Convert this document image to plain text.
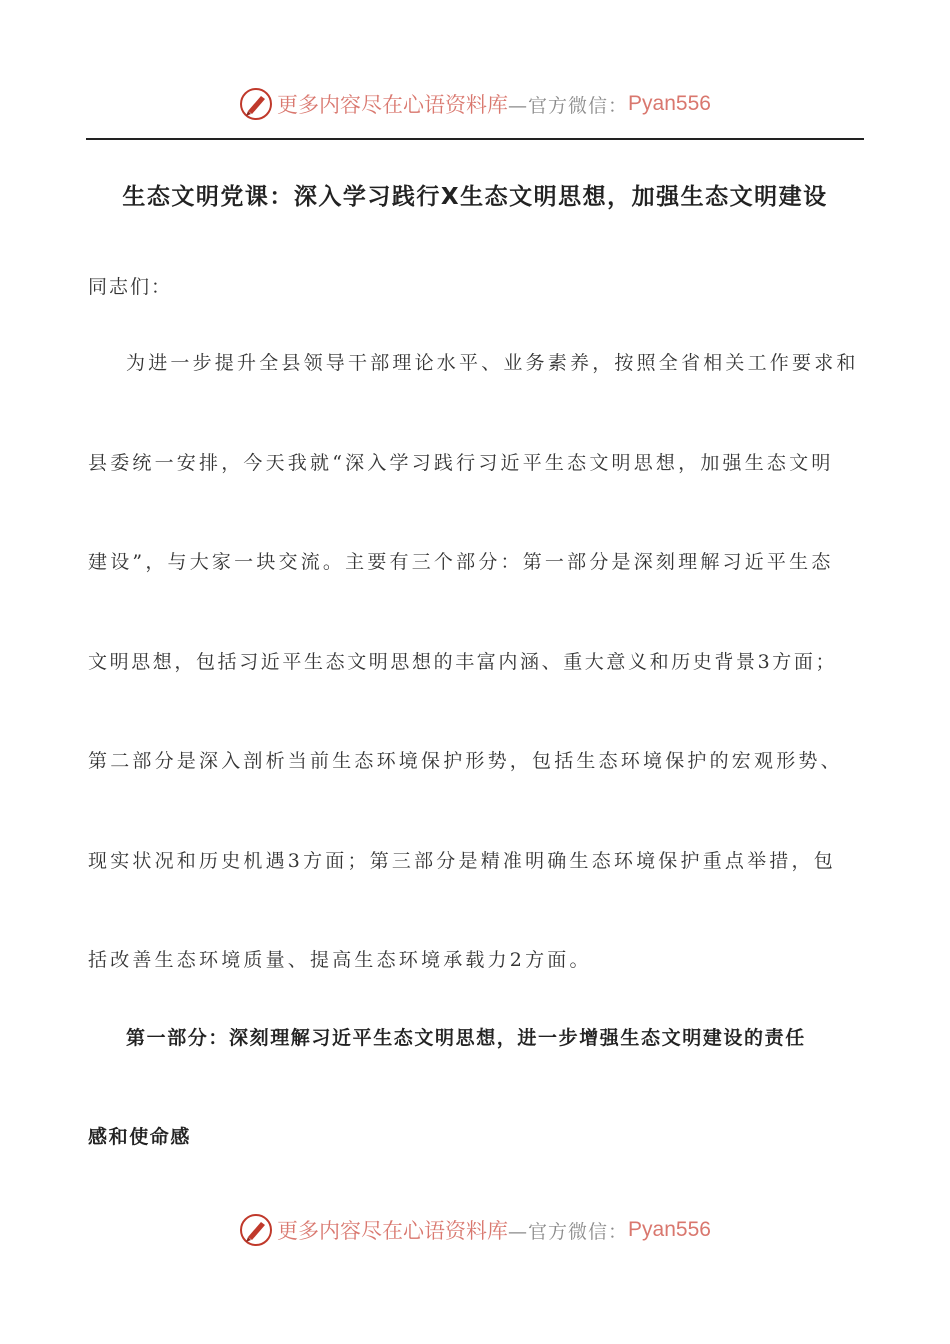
更多内容尽在心语资料库 —官方微信： Pyan556
生态文明党课：深入学习践行X生态文明思想，加强生态文明建设
同志们：
为进一步提升全县领导干部理论水平、业务素养，按照全省相关工作要求和
县委统一安排，今天我就“深入学习践行习近平生态文明思想，加强生态文明
建设”，与大家一块交流。主要有三个部分：第一部分是深刻理解习近平生态
文明思想，包括习近平生态文明思想的丰富内涵、重大意义和历史背景3方面；
第二部分是深入剖析当前生态环境保护形势，包括生态环境保护的宏观形势、
现实状况和历史机遇3方面；第三部分是精准明确生态环境保护重点举措，包
括改善生态环境质量、提高生态环境承载力2方面。
第一部分：深刻理解习近平生态文明思想，进一步增强生态文明建设的责任
感和使命感
更多内容尽在心语资料库 —官方微信： Pyan556
